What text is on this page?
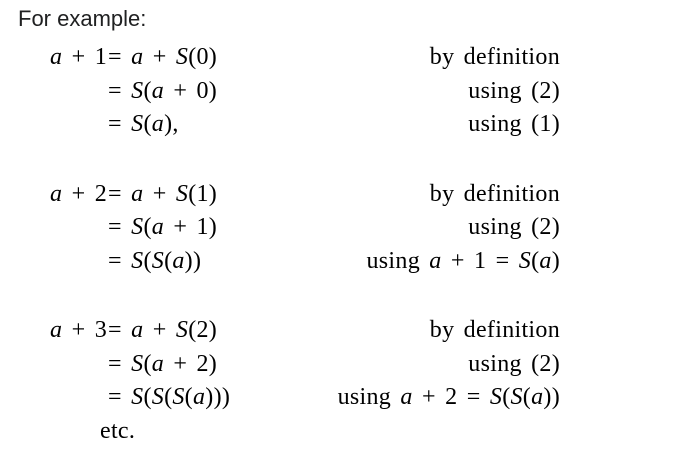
For example:

a + 1 = a + S(0)	by definition
= S(a + 0)	using (2)
= S(a),	using (1)
a + 2 = a + S(1)	by definition
= S(a + 1)	using (2)
= S(S(a))	using a + 1 = S(a)
a + 3 = a + S(2)	by definition
= S(a + 2)	using (2)
= S(S(S(a)))	using a + 2 = S(S(a))
etc.
